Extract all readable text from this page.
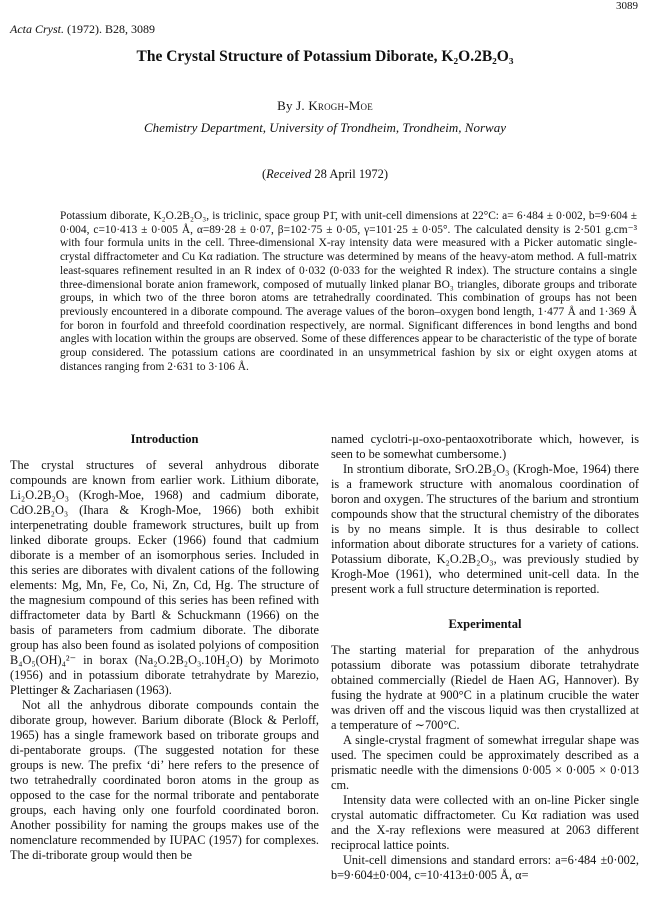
3089
Acta Cryst. (1972). B28, 3089
The Crystal Structure of Potassium Diborate, K₂O.2B₂O₃
By J. Krogh-Moe
Chemistry Department, University of Trondheim, Trondheim, Norway
(Received 28 April 1972)

Potassium diborate, K₂O.2B₂O₃, is triclinic, space group P1̄, with unit-cell dimensions at 22°C: a= 6·484 ± 0·002, b=9·604 ± 0·004, c=10·413 ± 0·005 Å, α=89·28 ± 0·07, β=102·75 ± 0·05, γ=101·25 ± 0·05°. The calculated density is 2·501 g.cm⁻³ with four formula units in the cell. Three-dimensional X-ray intensity data were measured with a Picker automatic single-crystal diffractometer and Cu Kα radiation. The structure was determined by means of the heavy-atom method. A full-matrix least-squares refinement resulted in an R index of 0·032 (0·033 for the weighted R index). The structure contains a single three-dimensional borate anion framework, composed of mutually linked planar BO₃ triangles, diborate groups and triborate groups, in which two of the three boron atoms are tetrahedrally coordinated. This combination of groups has not been previously encountered in a diborate compound. The average values of the boron–oxygen bond length, 1·477 Å and 1·369 Å for boron in fourfold and threefold coordination respectively, are normal. Significant differences in bond lengths and bond angles with location within the groups are observed. Some of these differences appear to be characteristic of the type of borate group considered. The potassium cations are coordinated in an unsymmetrical fashion by six or eight oxygen atoms at distances ranging from 2·631 to 3·106 Å.

Introduction

The crystal structures of several anhydrous diborate compounds are known from earlier work. Lithium diborate, Li₂O.2B₂O₃ (Krogh-Moe, 1968) and cadmium diborate, CdO.2B₂O₃ (Ihara & Krogh-Moe, 1966) both exhibit interpenetrating double framework structures, built up from linked diborate groups. Ecker (1966) found that cadmium diborate is a member of an isomorphous series. Included in this series are diborates with divalent cations of the following elements: Mg, Mn, Fe, Co, Ni, Zn, Cd, Hg. The structure of the magnesium compound of this series has been refined with diffractometer data by Bartl & Schuckmann (1966) on the basis of parameters from cadmium diborate. The diborate group has also been found as isolated polyions of composition B₄O₅(OH)₄²⁻ in borax (Na₂O.2B₂O₃.10H₂O) by Morimoto (1956) and in potassium diborate tetrahydrate by Marezio, Plettinger & Zachariasen (1963).

Not all the anhydrous diborate compounds contain the diborate group, however. Barium diborate (Block & Perloff, 1965) has a single framework based on triborate groups and di-pentaborate groups. (The suggested notation for these groups is new. The prefix ‘di’ here refers to the presence of two tetrahedrally coordinated boron atoms in the group as opposed to the case for the normal triborate and pentaborate groups, each having only one fourfold coordinated boron. Another possibility for naming the groups makes use of the nomenclature recommended by IUPAC (1957) for complexes. The di-triborate group would then be

named cyclotri-μ-oxo-pentaoxotriborate which, however, is seen to be somewhat cumbersome.)

In strontium diborate, SrO.2B₂O₃ (Krogh-Moe, 1964) there is a framework structure with anomalous coordination of boron and oxygen. The structures of the barium and strontium compounds show that the structural chemistry of the diborates is by no means simple. It is thus desirable to collect information about diborate structures for a variety of cations. Potassium diborate, K₂O.2B₂O₃, was previously studied by Krogh-Moe (1961), who determined unit-cell data. In the present work a full structure determination is reported.

Experimental

The starting material for preparation of the anhydrous potassium diborate was potassium diborate tetrahydrate obtained commercially (Riedel de Haen AG, Hannover). By fusing the hydrate at 900°C in a platinum crucible the water was driven off and the viscous liquid was then crystallized at a temperature of ∼700°C.

A single-crystal fragment of somewhat irregular shape was used. The specimen could be approximately described as a prismatic needle with the dimensions 0·005 × 0·005 × 0·013 cm.

Intensity data were collected with an on-line Picker single crystal automatic diffractometer. Cu Kα radiation was used and the X-ray reflexions were measured at 2063 different reciprocal lattice points.

Unit-cell dimensions and standard errors: a=6·484 ±0·002, b=9·604±0·004, c=10·413±0·005 Å, α=
